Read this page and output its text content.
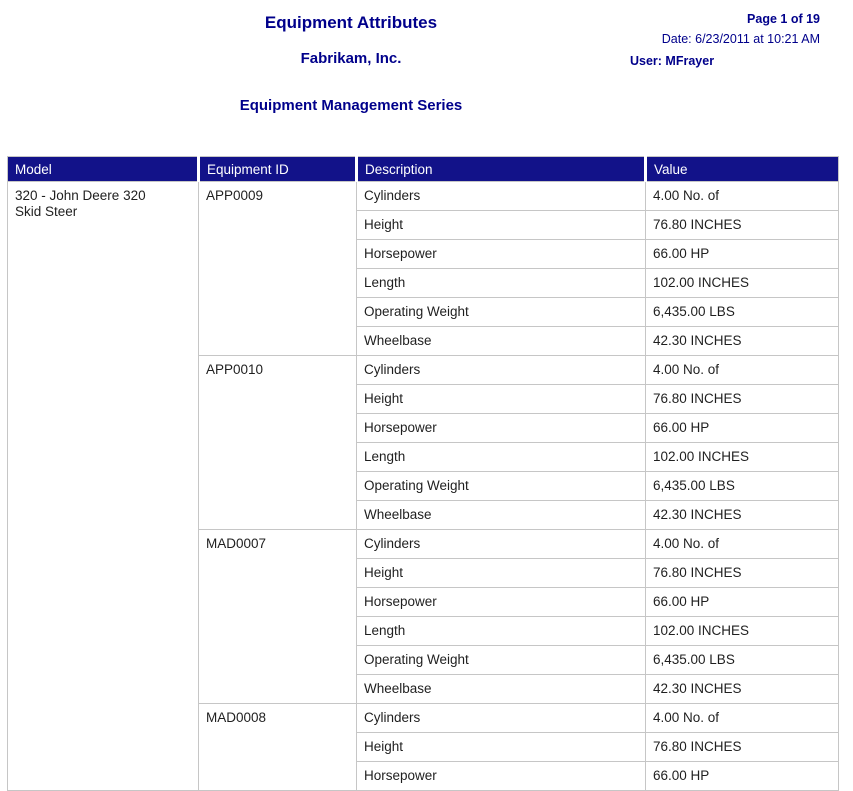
Equipment Attributes
Fabrikam, Inc.
Equipment Management Series
Page 1 of 19
Date: 6/23/2011 at 10:21 AM
User: MFrayer
Model	Equipment ID	Description	Value

320 - John Deere 320 Skid Steer	APP0009	Cylinders	4.00 No. of
		Height	76.80 INCHES
		Horsepower	66.00 HP
		Length	102.00 INCHES
		Operating Weight	6,435.00 LBS
		Wheelbase	42.30 INCHES
	APP0010	Cylinders	4.00 No. of
		Height	76.80 INCHES
		Horsepower	66.00 HP
		Length	102.00 INCHES
		Operating Weight	6,435.00 LBS
		Wheelbase	42.30 INCHES
	MAD0007	Cylinders	4.00 No. of
		Height	76.80 INCHES
		Horsepower	66.00 HP
		Length	102.00 INCHES
		Operating Weight	6,435.00 LBS
		Wheelbase	42.30 INCHES
	MAD0008	Cylinders	4.00 No. of
		Height	76.80 INCHES
		Horsepower	66.00 HP
